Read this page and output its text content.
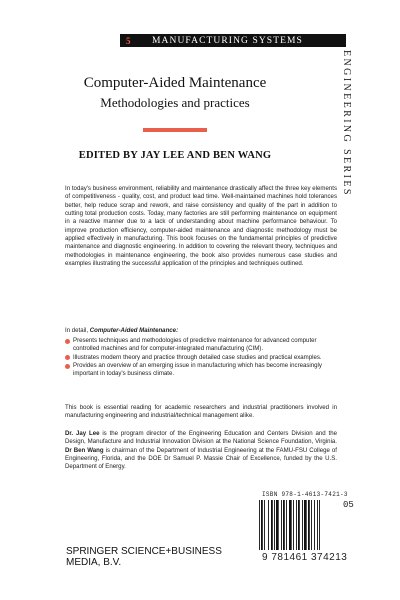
5	MANUFACTURING SYSTEMS
ENGINEERING SERIES
Computer-Aided Maintenance
Methodologies and practices
EDITED BY JAY LEE AND BEN WANG
In today's business environment, reliability and maintenance drastically affect the three key elements of competitiveness - quality, cost, and product lead time. Well-maintained machines hold tolerances better, help reduce scrap and rework, and raise consistency and quality of the part in addition to cutting total production costs. Today, many factories are still performing maintenance on equipment in a reactive manner due to a lack of understanding about machine performance behaviour. To improve production efficiency, computer-aided maintenance and diagnostic methodology must be applied effectively in manufacturing. This book focuses on the fundamental principles of predictive maintenance and diagnostic engineering. In addition to covering the relevant theory, techniques and methodologies in maintenance engineering, the book also provides numerous case studies and examples illustrating the successful application of the principles and techniques outlined.
In detail, Computer-Aided Maintenance:
Presents techniques and methodologies of predictive maintenance for advanced computer controlled machines and for computer-integrated manufacturing (CIM).
Illustrates modern theory and practice through detailed case studies and practical examples.
Provides an overview of an emerging issue in manufacturing which has become increasingly important in today's business climate.
This book is essential reading for academic researchers and industrial practitioners involved in manufacturing engineering and industrial/technical management alike.
Dr. Jay Lee is the program director of the Engineering Education and Centers Division and the Design, Manufacture and Industrial Innovation Division at the National Science Foundation, Virginia. Dr Ben Wang is chairman of the Department of Industrial Engineering at the FAMU-FSU College of Engineering, Florida, and the DOE Dr Samuel P. Massie Chair of Excellence, funded by the U.S. Department of Energy.
ISBN 978-1-4613-7421-3
05
9 781461 374213
SPRINGER SCIENCE+BUSINESS
MEDIA, B.V.
